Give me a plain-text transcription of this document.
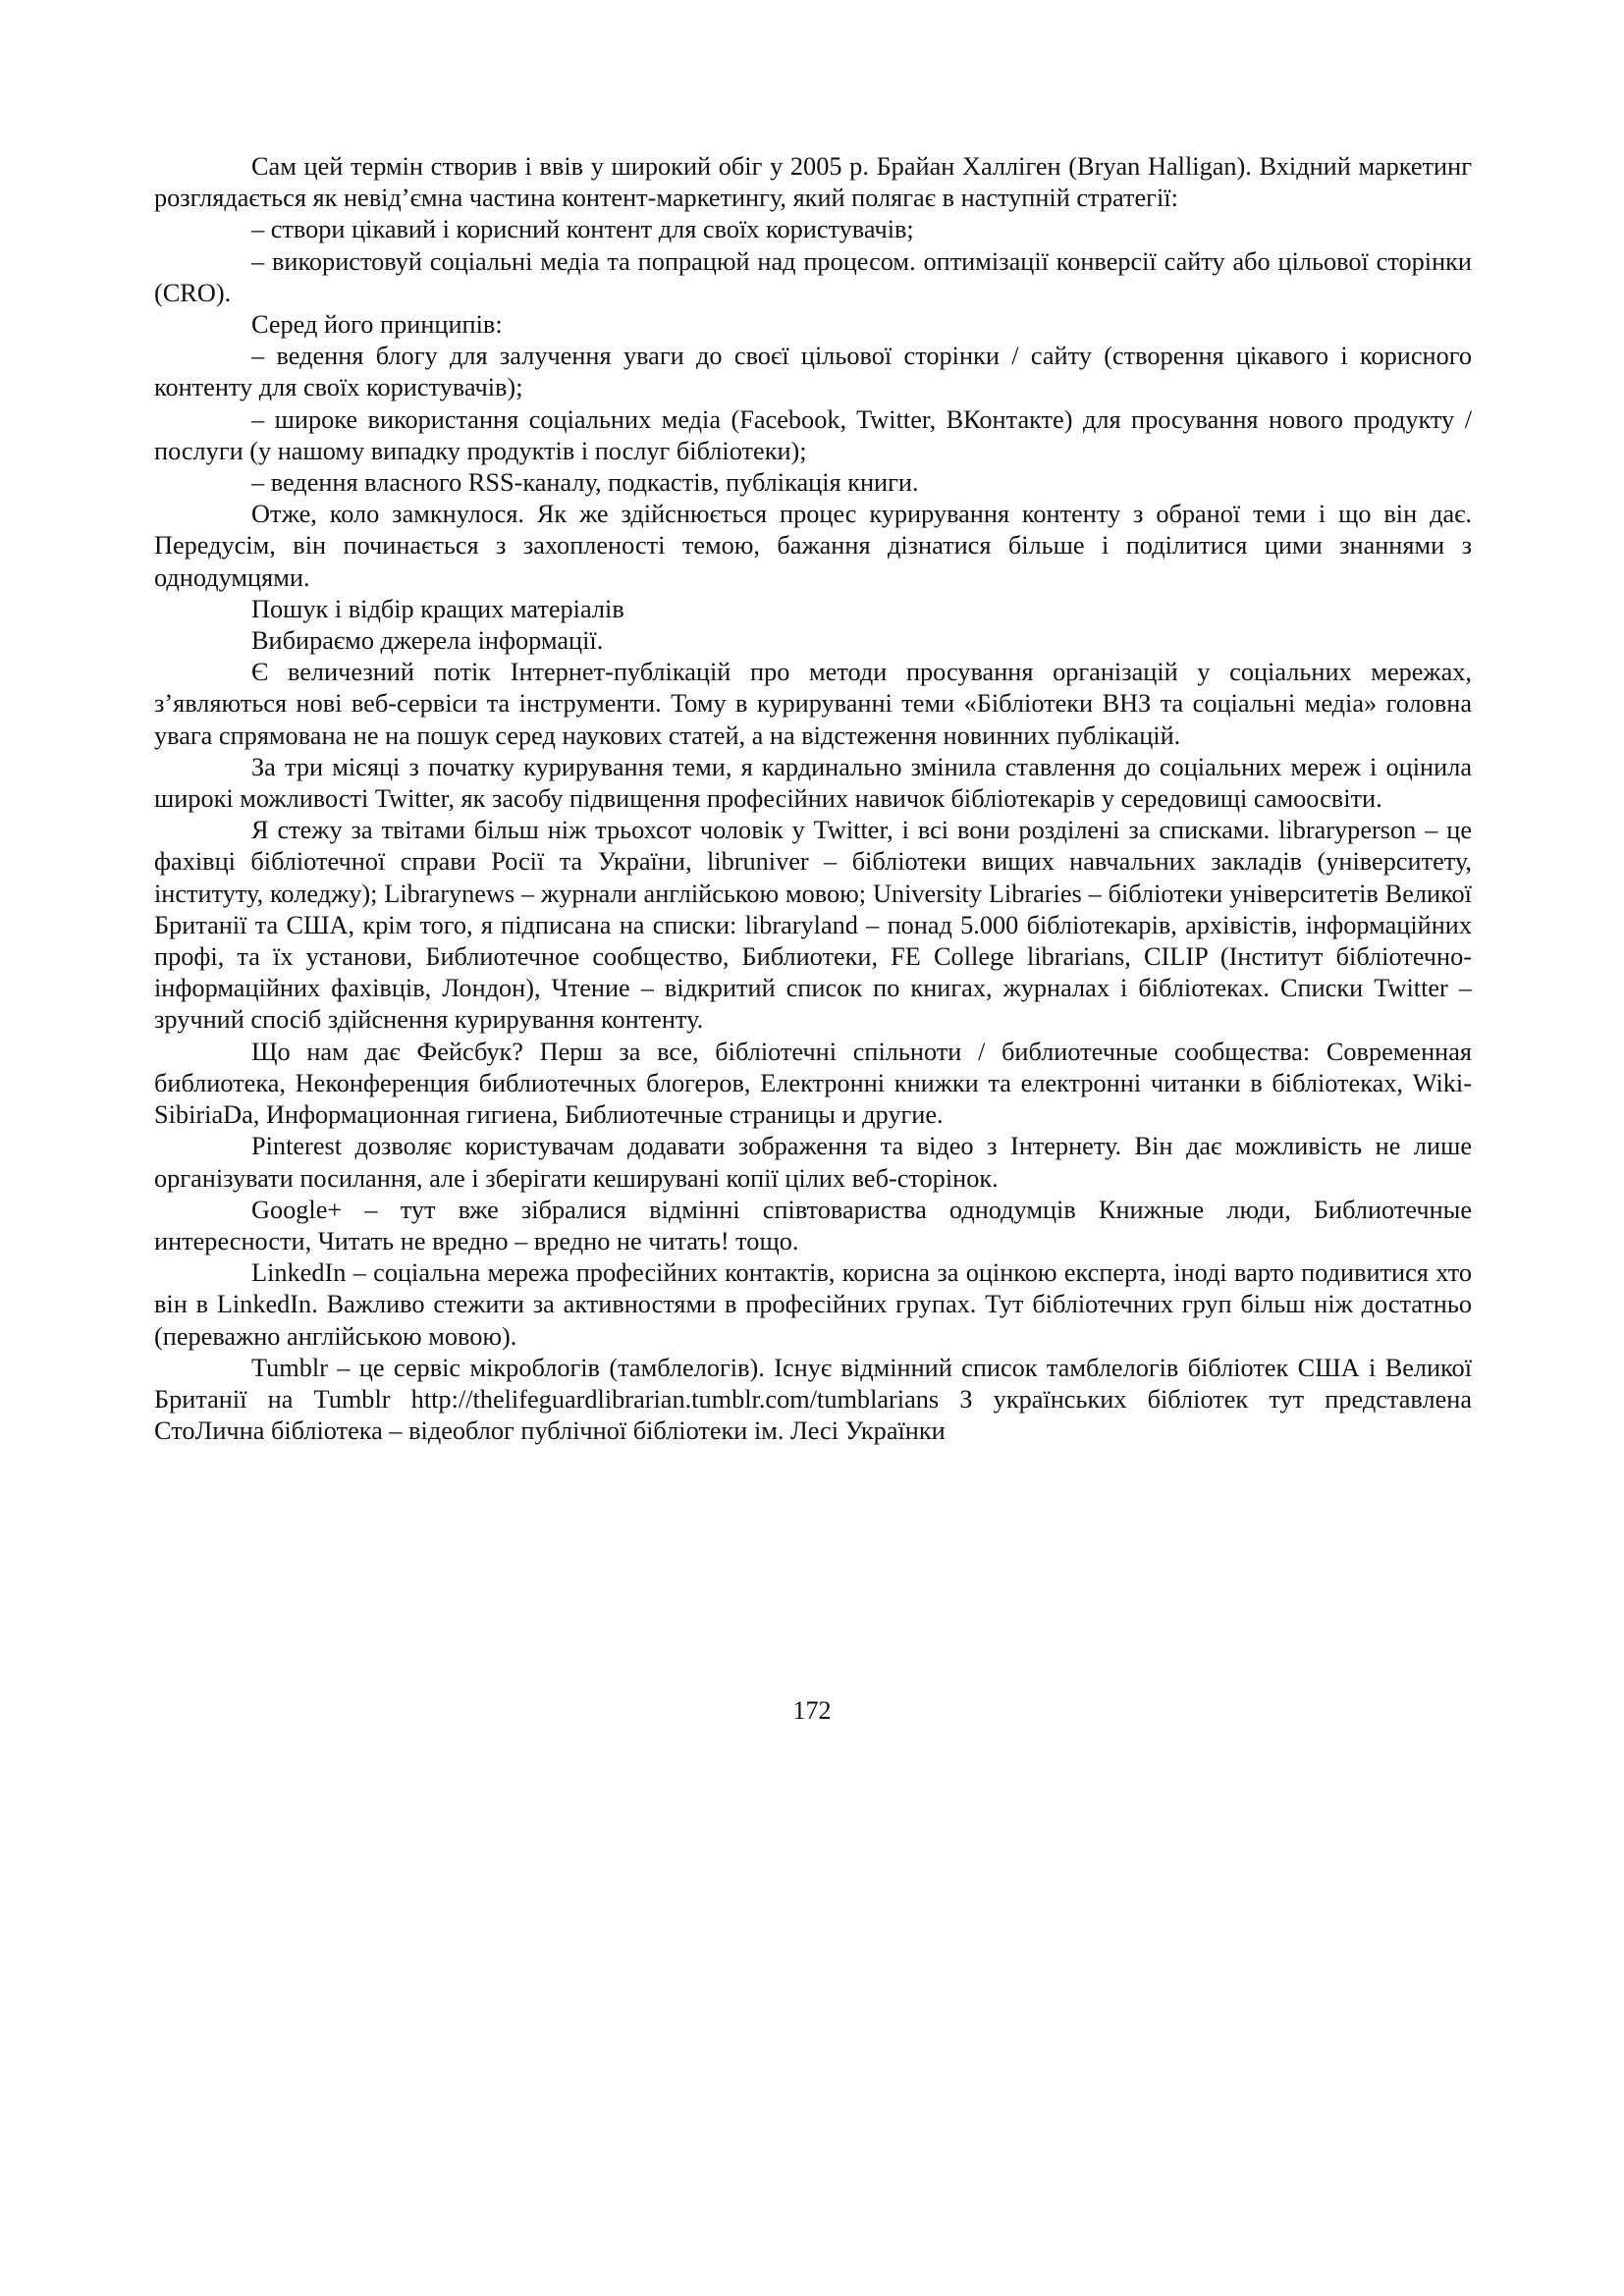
Сам цей термін створив і ввів у широкий обіг у 2005 р. Брайан Халліген (Bryan Halligan). Вхідний маркетинг розглядається як невід’ємна частина контент-маркетингу, який полягає в наступній стратегії:

– створи цікавий і корисний контент для своїх користувачів;

– використовуй соціальні медіа та попрацюй над процесом. оптимізації конверсії сайту або цільової сторінки (CRO).

Серед його принципів:

– ведення блогу для залучення уваги до своєї цільової сторінки / сайту (створення цікавого і корисного контенту для своїх користувачів);

– широке використання соціальних медіа (Facebook, Twitter, ВКонтакте) для просування нового продукту / послуги (у нашому випадку продуктів і послуг бібліотеки);

– ведення власного RSS-каналу, подкастів, публікація книги.

Отже, коло замкнулося. Як же здійснюється процес курирування контенту з обраної теми і що він дає. Передусім, він починається з захопленості темою, бажання дізнатися більше і поділитися цими знаннями з однодумцями.

Пошук і відбір кращих матеріалів

Вибираємо джерела інформації.

Є величезний потік Інтернет-публікацій про методи просування організацій у соціальних мережах, з’являються нові веб-сервіси та інструменти. Тому в курируванні теми «Бібліотеки ВНЗ та соціальні медіа» головна увага спрямована не на пошук серед наукових статей, а на відстеження новинних публікацій.

За три місяці з початку курирування теми, я кардинально змінила ставлення до соціальних мереж і оцінила широкі можливості Twitter, як засобу підвищення професійних навичок бібліотекарів у середовищі самоосвіти.

Я стежу за твітами більш ніж трьохсот чоловік у Twitter, і всі вони розділені за списками. libraryperson – це фахівці бібліотечної справи Росії та України, libruniver – бібліотеки вищих навчальних закладів (університету, інституту, коледжу); Librarynews – журнали англійською мовою; University Libraries – бібліотеки університетів Великої Британії та США, крім того, я підписана на списки: libraryland – понад 5.000 бібліотекарів, архівістів, інформаційних профі, та їх установи, Библиотечное сообщество, Библиотеки, FE College librarians, CILIP (Інститут бібліотечно-інформаційних фахівців, Лондон), Чтение – відкритий список по книгах, журналах і бібліотеках. Списки Twitter – зручний спосіб здійснення курирування контенту.

Що нам дає Фейсбук? Перш за все, бібліотечні спільноти / библиотечные сообщества: Современная библиотека, Неконференция библиотечных блогеров, Електронні книжки та електронні читанки в бібліотеках, Wiki-SibiriaDa, Информационная гигиена, Библиотечные страницы и другие.

Pinterest дозволяє користувачам додавати зображення та відео з Інтернету. Він дає можливість не лише організувати посилання, але і зберігати кешируванi копії цілих веб-сторінок.

Google+ – тут вже зібралися відмінні співтовариства однодумців Книжные люди, Библиотечные интересности, Читать не вредно – вредно не читать! тощо.

LinkedIn – соціальна мережа професійних контактів, корисна за оцінкою експерта, іноді варто подивитися хто він в LinkedIn. Важливо стежити за активностями в професійних групах. Тут бібліотечних груп більш ніж достатньо (переважно англійською мовою).

Tumblr – це сервіс мікроблогів (тамблелогів). Існує відмінний список тамблелогів бібліотек США і Великої Британії на Tumblr http://thelifeguardlibrarian.tumblr.com/tumblarians З українських бібліотек тут представлена СтоЛична бібліотека – відеоблог публічної бібліотеки ім. Лесі Українки

172
